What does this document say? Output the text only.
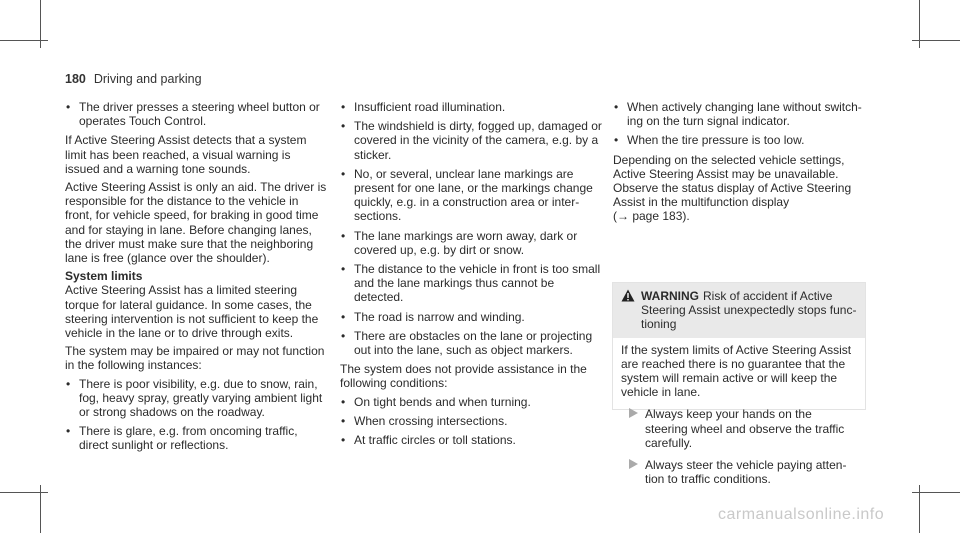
180 Driving and parking
• The driver presses a steering wheel button or operates Touch Control.

If Active Steering Assist detects that a system limit has been reached, a visual warning is issued and a warning tone sounds.

Active Steering Assist is only an aid. The driver is responsible for the distance to the vehicle in front, for vehicle speed, for braking in good time and for staying in lane. Before changing lanes, the driver must make sure that the neighboring lane is free (glance over the shoulder).

System limits

Active Steering Assist has a limited steering torque for lateral guidance. In some cases, the steering intervention is not sufficient to keep the vehicle in the lane or to drive through exits.

The system may be impaired or may not function in the following instances:

• There is poor visibility, e.g. due to snow, rain, fog, heavy spray, greatly varying ambient light or strong shadows on the roadway.
• There is glare, e.g. from oncoming traffic, direct sunlight or reflections.
• Insufficient road illumination.
• The windshield is dirty, fogged up, damaged or covered in the vicinity of the camera, e.g. by a sticker.
• No, or several, unclear lane markings are present for one lane, or the markings change quickly, e.g. in a construction area or intersections.
• The lane markings are worn away, dark or covered up, e.g. by dirt or snow.
• The distance to the vehicle in front is too small and the lane markings thus cannot be detected.
• The road is narrow and winding.
• There are obstacles on the lane or projecting out into the lane, such as object markers.

The system does not provide assistance in the following conditions:

• On tight bends and when turning.
• When crossing intersections.
• At traffic circles or toll stations.
• When actively changing lane without switching on the turn signal indicator.
• When the tire pressure is too low.

Depending on the selected vehicle settings, Active Steering Assist may be unavailable. Observe the status display of Active Steering Assist in the multifunction display
(→ page 183).

WARNING Risk of accident if Active Steering Assist unexpectedly stops functioning

If the system limits of Active Steering Assist are reached there is no guarantee that the system will remain active or will keep the vehicle in lane.

Always keep your hands on the steering wheel and observe the traffic carefully.
Always steer the vehicle paying attention to traffic conditions.
carmanualsonline.info
